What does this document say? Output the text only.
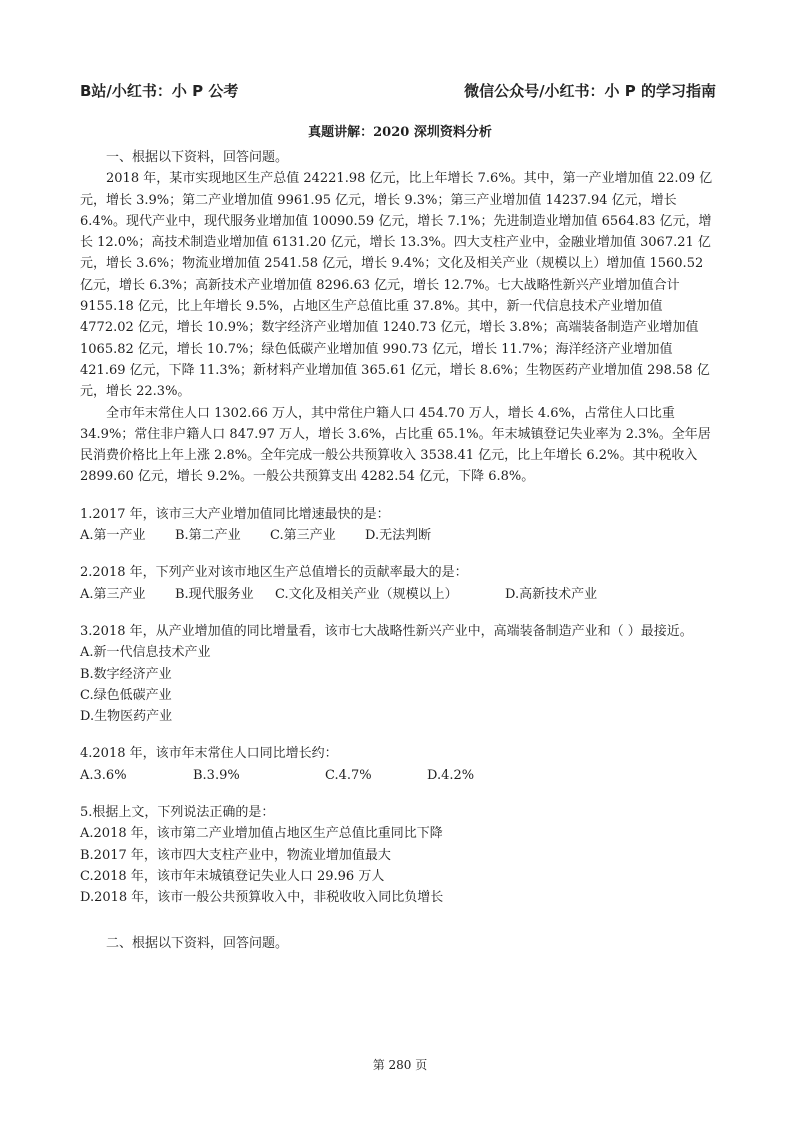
B站/小红书：小 P 公考	微信公众号/小红书：小 P 的学习指南
真题讲解：2020 深圳资料分析

一、根据以下资料，回答问题。

2018 年，某市实现地区生产总值 24221.98 亿元，比上年增长 7.6%。其中，第一产业增加值 22.09 亿元，增长 3.9%；第二产业增加值 9961.95 亿元，增长 9.3%；第三产业增加值 14237.94 亿元，增长 6.4%。现代产业中，现代服务业增加值 10090.59 亿元，增长 7.1%；先进制造业增加值 6564.83 亿元，增长 12.0%；高技术制造业增加值 6131.20 亿元，增长 13.3%。四大支柱产业中，金融业增加值 3067.21 亿元，增长 3.6%；物流业增加值 2541.58 亿元，增长 9.4%；文化及相关产业（规模以上）增加值 1560.52 亿元，增长 6.3%；高新技术产业增加值 8296.63 亿元，增长 12.7%。七大战略性新兴产业增加值合计 9155.18 亿元，比上年增长 9.5%，占地区生产总值比重 37.8%。其中，新一代信息技术产业增加值 4772.02 亿元，增长 10.9%；数字经济产业增加值 1240.73 亿元，增长 3.8%；高端装备制造产业增加值 1065.82 亿元，增长 10.7%；绿色低碳产业增加值 990.73 亿元，增长 11.7%；海洋经济产业增加值 421.69 亿元，下降 11.3%；新材料产业增加值 365.61 亿元，增长 8.6%；生物医药产业增加值 298.58 亿元，增长 22.3%。

全市年末常住人口 1302.66 万人，其中常住户籍人口 454.70 万人，增长 4.6%，占常住人口比重 34.9%；常住非户籍人口 847.97 万人，增长 3.6%，占比重 65.1%。年末城镇登记失业率为 2.3%。全年居民消费价格比上年上涨 2.8%。全年完成一般公共预算收入 3538.41 亿元，比上年增长 6.2%。其中税收入 2899.60 亿元，增长 9.2%。一般公共预算支出 4282.54 亿元，下降 6.8%。

1.2017 年，该市三大产业增加值同比增速最快的是：

A.第一产业	B.第二产业	C.第三产业	D.无法判断

2.2018 年，下列产业对该市地区生产总值增长的贡献率最大的是：

A.第三产业	B.现代服务业	C.文化及相关产业（规模以上）	D.高新技术产业

3.2018 年，从产业增加值的同比增量看，该市七大战略性新兴产业中，高端装备制造产业和（ ）最接近。

A.新一代信息技术产业

B.数字经济产业

C.绿色低碳产业

D.生物医药产业

4.2018 年，该市年末常住人口同比增长约：

A.3.6%	B.3.9%	C.4.7%	D.4.2%

5.根据上文，下列说法正确的是：

A.2018 年，该市第二产业增加值占地区生产总值比重同比下降

B.2017 年，该市四大支柱产业中，物流业增加值最大

C.2018 年，该市年末城镇登记失业人口 29.96 万人

D.2018 年，该市一般公共预算收入中，非税收收入同比负增长

二、根据以下资料，回答问题。

第 280 页
